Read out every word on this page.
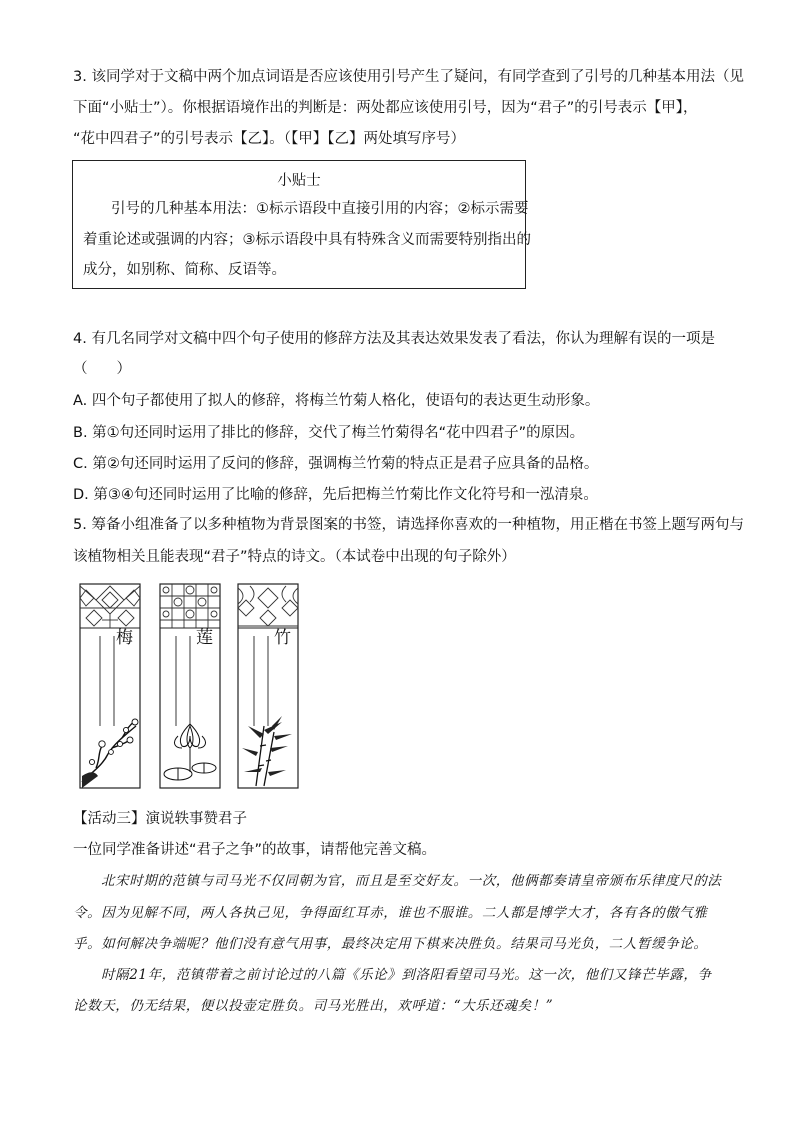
3. 该同学对于文稿中两个加点词语是否应该使用引号产生了疑问，有同学查到了引号的几种基本用法（见
下面“小贴士”）。你根据语境作出的判断是：两处都应该使用引号，因为“君子”的引号表示【甲】，
“花中四君子”的引号表示【乙】。（【甲】【乙】两处填写序号）
小贴士
引号的几种基本用法：①标示语段中直接引用的内容；②标示需要
着重论述或强调的内容；③标示语段中具有特殊含义而需要特别指出的
成分，如别称、简称、反语等。
4. 有几名同学对文稿中四个句子使用的修辞方法及其表达效果发表了看法，你认为理解有误的一项是
（　　）
A. 四个句子都使用了拟人的修辞，将梅兰竹菊人格化，使语句的表达更生动形象。
B. 第①句还同时运用了排比的修辞，交代了梅兰竹菊得名“花中四君子”的原因。
C. 第②句还同时运用了反问的修辞，强调梅兰竹菊的特点正是君子应具备的品格。
D. 第③④句还同时运用了比喻的修辞，先后把梅兰竹菊比作文化符号和一泓清泉。
5. 筹备小组准备了以多种植物为背景图案的书签，请选择你喜欢的一种植物，用正楷在书签上题写两句与
该植物相关且能表现“君子”特点的诗文。（本试卷中出现的句子除外）
梅	莲	竹
【活动三】演说轶事赞君子
一位同学准备讲述“君子之争”的故事，请帮他完善文稿。
北宋时期的范镇与司马光不仅同朝为官，而且是至交好友。一次，他俩都奏请皇帝颁布乐律度尺的法
令。因为见解不同，两人各执己见，争得面红耳赤，谁也不服谁。二人都是博学大才，各有各的傲气雅
乎。如何解决争端呢？他们没有意气用事，最终决定用下棋来决胜负。结果司马光负，二人暂缓争论。
时隔21年，范镇带着之前讨论过的八篇《乐论》到洛阳看望司马光。这一次，他们又锋芒毕露，争
论数天，仍无结果，便以投壶定胜负。司马光胜出，欢呼道：“大乐还魂矣！”
